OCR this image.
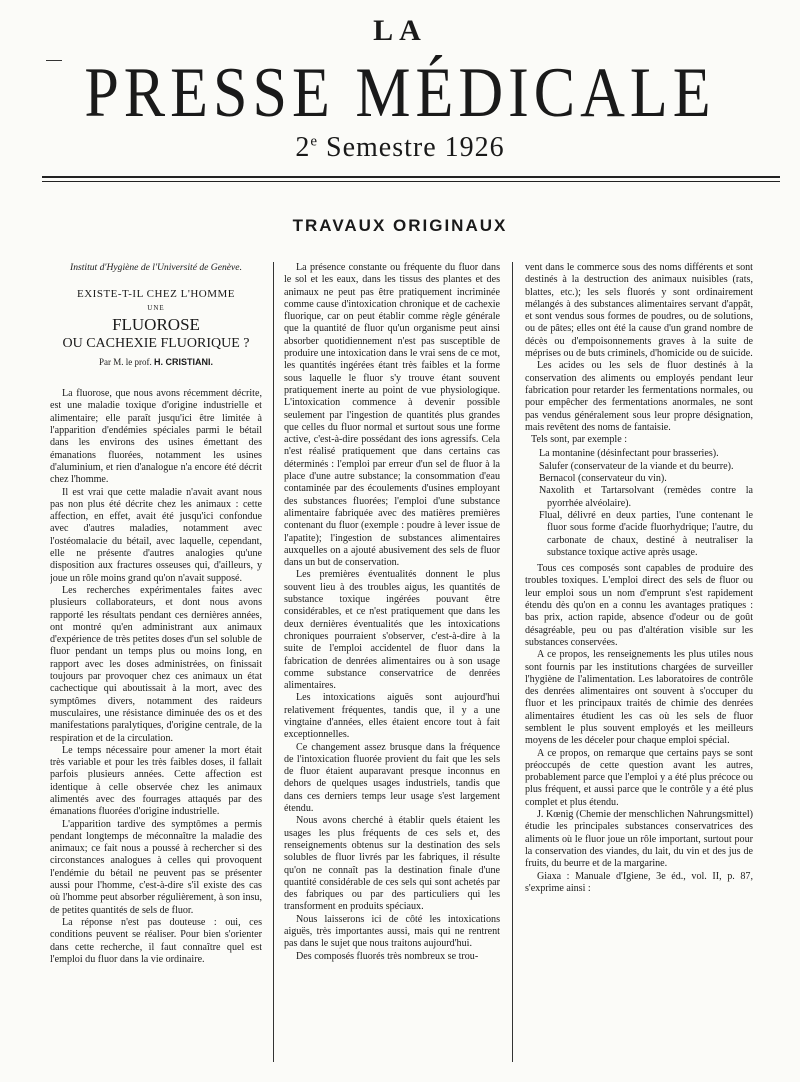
LA
PRESSE MÉDICALE
2e Semestre 1926
TRAVAUX ORIGINAUX

Institut d'Hygiène de l'Université de Genève.

EXISTE-T-IL CHEZ L'HOMME

UNE

FLUOROSE

OU CACHEXIE FLUORIQUE ?

Par M. le prof. H. CRISTIANI.

La fluorose, que nous avons récemment décrite, est une maladie toxique d'origine industrielle et alimentaire; elle paraît jusqu'ici être limitée à l'apparition d'endémies spéciales parmi le bétail dans les environs des usines émettant des émanations fluorées, notamment les usines d'aluminium, et rien d'analogue n'a encore été décrit chez l'homme.

Il est vrai que cette maladie n'avait avant nous pas non plus été décrite chez les animaux : cette affection, en effet, avait été jusqu'ici confondue avec d'autres maladies, notamment avec l'ostéomalacie du bétail, avec laquelle, cependant, elle ne présente d'autres analogies qu'une disposition aux fractures osseuses qui, d'ailleurs, y joue un rôle moins grand qu'on n'avait supposé.

Les recherches expérimentales faites avec plusieurs collaborateurs, et dont nous avons rapporté les résultats pendant ces dernières années, ont montré qu'en administrant aux animaux d'expérience de très petites doses d'un sel soluble de fluor pendant un temps plus ou moins long, en rapport avec les doses administrées, on finissait toujours par provoquer chez ces animaux un état cachectique qui aboutissait à la mort, avec des symptômes divers, notamment des raideurs musculaires, une résistance diminuée des os et des manifestations paralytiques, d'origine centrale, de la respiration et de la circulation.

Le temps nécessaire pour amener la mort était très variable et pour les très faibles doses, il fallait parfois plusieurs années. Cette affection est identique à celle observée chez les animaux alimentés avec des fourrages attaqués par des émanations fluorées d'origine industrielle.

L'apparition tardive des symptômes a permis pendant longtemps de méconnaître la maladie des animaux; ce fait nous a poussé à rechercher si des circonstances analogues à celles qui provoquent l'endémie du bétail ne peuvent pas se présenter aussi pour l'homme, c'est-à-dire s'il existe des cas où l'homme peut absorber régulièrement, à son insu, de petites quantités de sels de fluor.

La réponse n'est pas douteuse : oui, ces conditions peuvent se réaliser. Pour bien s'orienter dans cette recherche, il faut connaître quel est l'emploi du fluor dans la vie ordinaire.

La présence constante ou fréquente du fluor dans le sol et les eaux, dans les tissus des plantes et des animaux ne peut pas être pratiquement incriminée comme cause d'intoxication chronique et de cachexie fluorique, car on peut établir comme règle générale que la quantité de fluor qu'un organisme peut ainsi absorber quotidiennement n'est pas susceptible de produire une intoxication dans le vrai sens de ce mot, les quantités ingérées étant très faibles et la forme sous laquelle le fluor s'y trouve étant souvent pratiquement inerte au point de vue physiologique. L'intoxication commence à devenir possible seulement par l'ingestion de quantités plus grandes que celles du fluor normal et surtout sous une forme active, c'est-à-dire possédant des ions agressifs. Cela n'est réalisé pratiquement que dans certains cas déterminés : l'emploi par erreur d'un sel de fluor à la place d'une autre substance; la consommation d'eau contaminée par des écoulements d'usines employant des substances fluorées; l'emploi d'une substance alimentaire fabriquée avec des matières premières contenant du fluor (exemple : poudre à lever issue de l'apatite); l'ingestion de substances alimentaires auxquelles on a ajouté abusivement des sels de fluor dans un but de conservation.

Les premières éventualités donnent le plus souvent lieu à des troubles aigus, les quantités de substance toxique ingérées pouvant être considérables, et ce n'est pratiquement que dans les deux dernières éventualités que les intoxications chroniques pourraient s'observer, c'est-à-dire à la suite de l'emploi accidentel de fluor dans la fabrication de denrées alimentaires ou à son usage comme substance conservatrice de denrées alimentaires.

Les intoxications aiguës sont aujourd'hui relativement fréquentes, tandis que, il y a une vingtaine d'années, elles étaient encore tout à fait exceptionnelles.

Ce changement assez brusque dans la fréquence de l'intoxication fluorée provient du fait que les sels de fluor étaient auparavant presque inconnus en dehors de quelques usages industriels, tandis que dans ces derniers temps leur usage s'est largement étendu.

Nous avons cherché à établir quels étaient les usages les plus fréquents de ces sels et, des renseignements obtenus sur la destination des sels solubles de fluor livrés par les fabriques, il résulte qu'on ne connaît pas la destination finale d'une quantité considérable de ces sels qui sont achetés par des fabriques ou par des particuliers qui les transforment en produits spéciaux.

Nous laisserons ici de côté les intoxications aiguës, très importantes aussi, mais qui ne rentrent pas dans le sujet que nous traitons aujourd'hui.

Des composés fluorés très nombreux se trou-

vent dans le commerce sous des noms différents et sont destinés à la destruction des animaux nuisibles (rats, blattes, etc.); les sels fluorés y sont ordinairement mélangés à des substances alimentaires servant d'appât, et sont vendus sous formes de poudres, ou de solutions, ou de pâtes; elles ont été la cause d'un grand nombre de décès ou d'empoisonnements graves à la suite de méprises ou de buts criminels, d'homicide ou de suicide.

Les acides ou les sels de fluor destinés à la conservation des aliments ou employés pendant leur fabrication pour retarder les fermentations normales, ou pour empêcher des fermentations anormales, ne sont pas vendus généralement sous leur propre désignation, mais revêtent des noms de fantaisie.

Tels sont, par exemple :

La montanine (désinfectant pour brasseries).
Salufer (conservateur de la viande et du beurre).
Bernacol (conservateur du vin).
Naxolith et Tartarsolvant (remèdes contre la pyorrhée alvéolaire).
Flual, délivré en deux parties, l'une contenant le fluor sous forme d'acide fluorhydrique; l'autre, du carbonate de chaux, destiné à neutraliser la substance toxique active après usage.

Tous ces composés sont capables de produire des troubles toxiques. L'emploi direct des sels de fluor ou leur emploi sous un nom d'emprunt s'est rapidement étendu dès qu'on en a connu les avantages pratiques : bas prix, action rapide, absence d'odeur ou de goût désagréable, peu ou pas d'altération visible sur les substances conservées.

A ce propos, les renseignements les plus utiles nous sont fournis par les institutions chargées de surveiller l'hygiène de l'alimentation. Les laboratoires de contrôle des denrées alimentaires ont souvent à s'occuper du fluor et les principaux traités de chimie des denrées alimentaires étudient les cas où les sels de fluor semblent le plus souvent employés et les meilleurs moyens de les déceler pour chaque emploi spécial.

A ce propos, on remarque que certains pays se sont préoccupés de cette question avant les autres, probablement parce que l'emploi y a été plus précoce ou plus fréquent, et aussi parce que le contrôle y a été plus complet et plus étendu.

J. Kœnig (Chemie der menschlichen Nahrungsmittel) étudie les principales substances conservatrices des aliments où le fluor joue un rôle important, surtout pour la conservation des viandes, du lait, du vin et des jus de fruits, du beurre et de la margarine.

Giaxa : Manuale d'Igiene, 3e éd., vol. II, p. 87, s'exprime ainsi :
